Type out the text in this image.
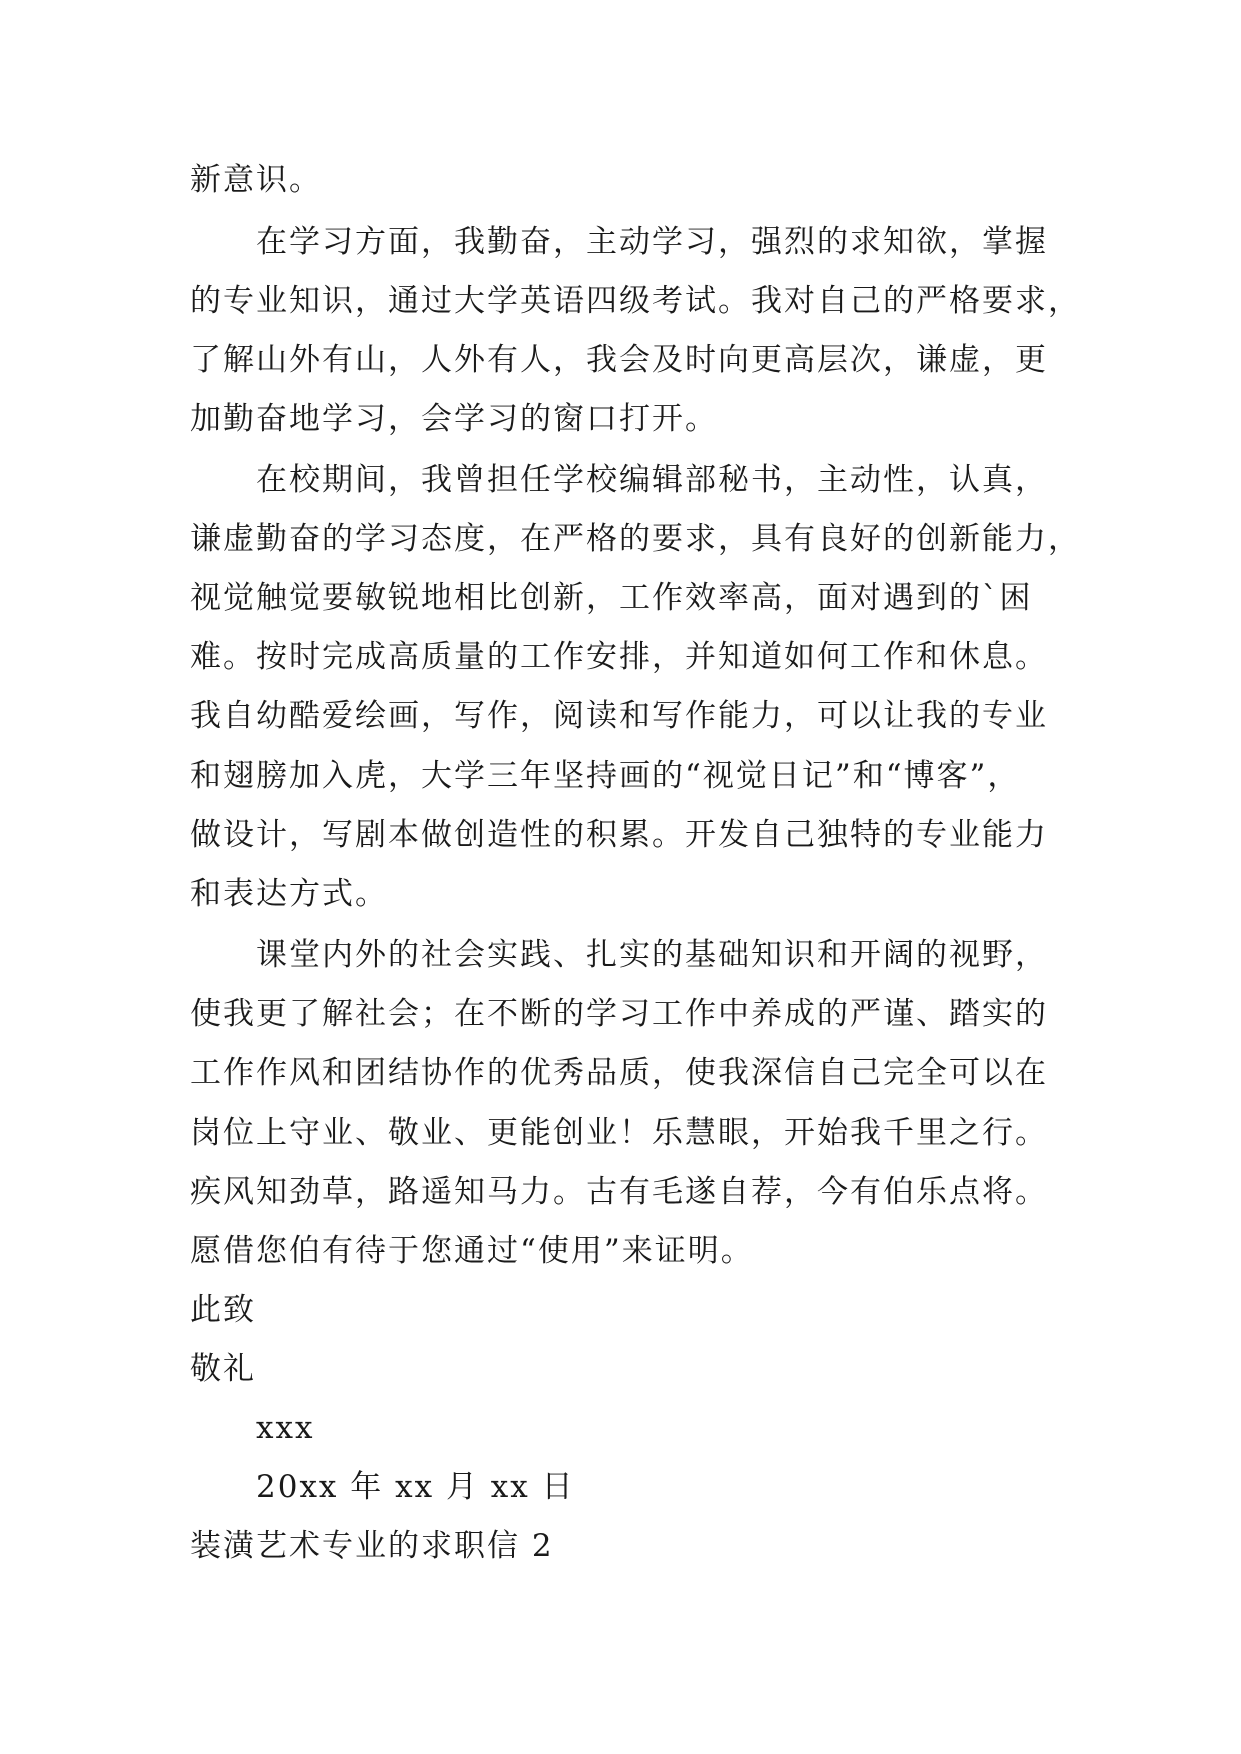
新意识。
在学习方面，我勤奋，主动学习，强烈的求知欲，掌握
的专业知识，通过大学英语四级考试。我对自己的严格要求，
了解山外有山，人外有人，我会及时向更高层次，谦虚，更
加勤奋地学习，会学习的窗口打开。
在校期间，我曾担任学校编辑部秘书，主动性，认真，
谦虚勤奋的学习态度，在严格的要求，具有良好的创新能力，
视觉触觉要敏锐地相比创新，工作效率高，面对遇到的`困
难。按时完成高质量的工作安排，并知道如何工作和休息。
我自幼酷爱绘画，写作，阅读和写作能力，可以让我的专业
和翅膀加入虎，大学三年坚持画的“视觉日记”和“博客”，
做设计，写剧本做创造性的积累。开发自己独特的专业能力
和表达方式。
课堂内外的社会实践、扎实的基础知识和开阔的视野，
使我更了解社会；在不断的学习工作中养成的严谨、踏实的
工作作风和团结协作的优秀品质，使我深信自己完全可以在
岗位上守业、敬业、更能创业！乐慧眼，开始我千里之行。
疾风知劲草，路遥知马力。古有毛遂自荐，今有伯乐点将。
愿借您伯有待于您通过“使用”来证明。
此致
敬礼
xxx
20xx 年 xx 月 xx 日
装潢艺术专业的求职信 2
